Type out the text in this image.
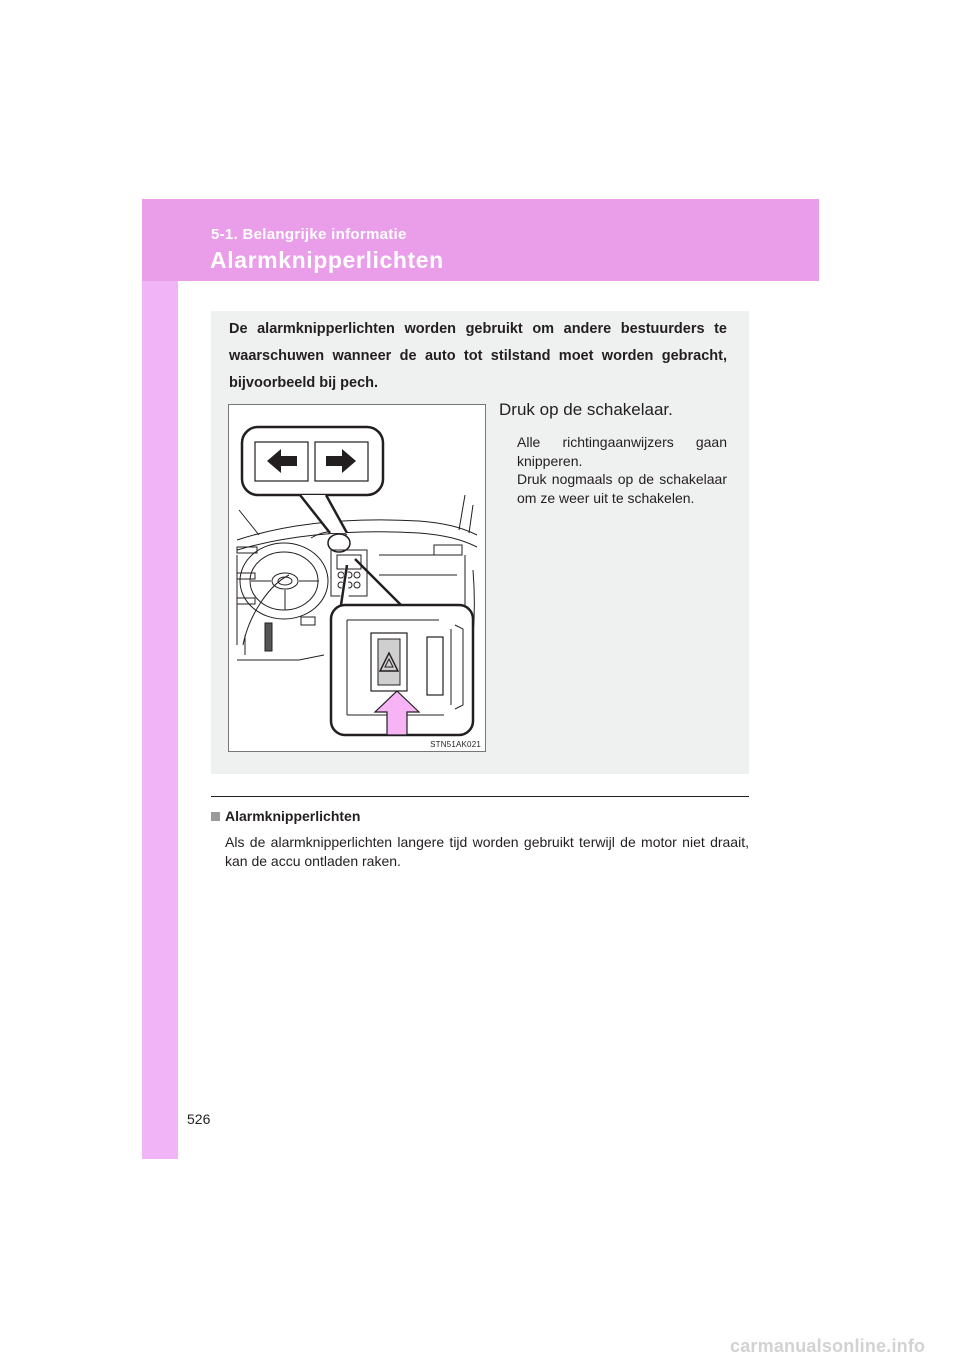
5-1. Belangrijke informatie
Alarmknipperlichten
De alarmknipperlichten worden gebruikt om andere bestuurders te waarschuwen wanneer de auto tot stilstand moet worden gebracht, bijvoorbeeld bij pech.
STN51AK021
Druk op de schakelaar.

Alle richtingaanwijzers gaan knipperen.

Druk nogmaals op de schakelaar om ze weer uit te schakelen.

Alarmknipperlichten
Als de alarmknipperlichten langere tijd worden gebruikt terwijl de motor niet draait, kan de accu ontladen raken.
526
carmanualsonline.info
